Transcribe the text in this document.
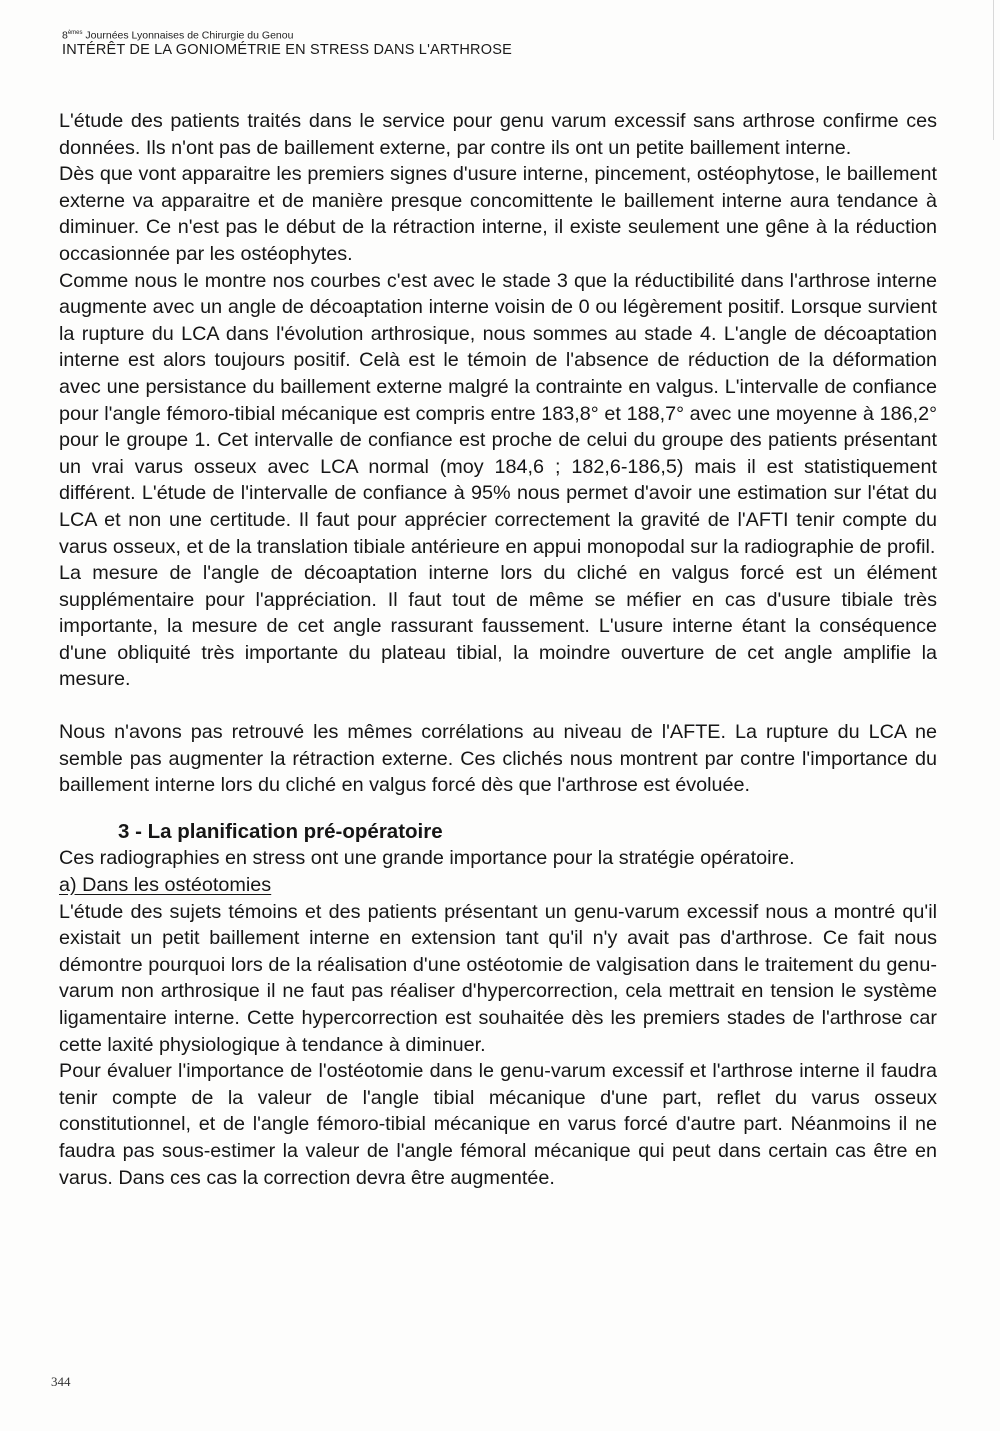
8èmes Journées Lyonnaises de Chirurgie du Genou
INTÉRÊT DE LA GONIOMÉTRIE EN STRESS DANS L'ARTHROSE

L'étude des patients traités dans le service pour genu varum excessif sans arthrose confirme ces données. Ils n'ont pas de baillement externe, par contre ils ont un petite baillement interne.

Dès que vont apparaitre les premiers signes d'usure interne, pincement, ostéophytose, le baillement externe va apparaitre et de manière presque concomittente le baillement interne aura tendance à diminuer. Ce n'est pas le début de la rétraction interne, il existe seulement une gêne à la réduction occasionnée par les ostéophytes.

Comme nous le montre nos courbes c'est avec le stade 3 que la réductibilité dans l'arthrose interne augmente avec un angle de décoaptation interne voisin de 0 ou légèrement positif. Lorsque survient la rupture du LCA dans l'évolution arthrosique, nous sommes au stade 4. L'angle de décoaptation interne est alors toujours positif. Celà est le témoin de l'absence de réduction de la déformation avec une persistance du baillement externe malgré la contrainte en valgus. L'intervalle de confiance pour l'angle fémoro-tibial mécanique est compris entre 183,8° et 188,7° avec une moyenne à 186,2° pour le groupe 1. Cet intervalle de confiance est proche de celui du groupe des patients présentant un vrai varus osseux avec LCA normal (moy 184,6 ; 182,6-186,5) mais il est statistiquement différent. L'étude de l'intervalle de confiance à 95% nous permet d'avoir une estimation sur l'état du LCA et non une certitude. Il faut pour apprécier correctement la gravité de l'AFTI tenir compte du varus osseux, et de la translation tibiale antérieure en appui monopodal sur la radiographie de profil.

La mesure de l'angle de décoaptation interne lors du cliché en valgus forcé est un élément supplémentaire pour l'appréciation. Il faut tout de même se méfier en cas d'usure tibiale très importante, la mesure de cet angle rassurant faussement. L'usure interne étant la conséquence d'une obliquité très importante du plateau tibial, la moindre ouverture de cet angle amplifie la mesure.

Nous n'avons pas retrouvé les mêmes corrélations au niveau de l'AFTE. La rupture du LCA ne semble pas augmenter la rétraction externe. Ces clichés nous montrent par contre l'importance du baillement interne lors du cliché en valgus forcé dès que l'arthrose est évoluée.

3 - La planification pré-opératoire

Ces radiographies en stress ont une grande importance pour la stratégie opératoire.

a) Dans les ostéotomies

L'étude des sujets témoins et des patients présentant un genu-varum excessif nous a montré qu'il existait un petit baillement interne en extension tant qu'il n'y avait pas d'arthrose. Ce fait nous démontre pourquoi lors de la réalisation d'une ostéotomie de valgisation dans le traitement du genu-varum non arthrosique il ne faut pas réaliser d'hypercorrection, cela mettrait en tension le système ligamentaire interne. Cette hypercorrection est souhaitée dès les premiers stades de l'arthrose car cette laxité physiologique à tendance à diminuer.

Pour évaluer l'importance de l'ostéotomie dans le genu-varum excessif et l'arthrose interne il faudra tenir compte de la valeur de l'angle tibial mécanique d'une part, reflet du varus osseux constitutionnel, et de l'angle fémoro-tibial mécanique en varus forcé d'autre part. Néanmoins il ne faudra pas sous-estimer la valeur de l'angle fémoral mécanique qui peut dans certain cas être en varus. Dans ces cas la correction devra être augmentée.

344
